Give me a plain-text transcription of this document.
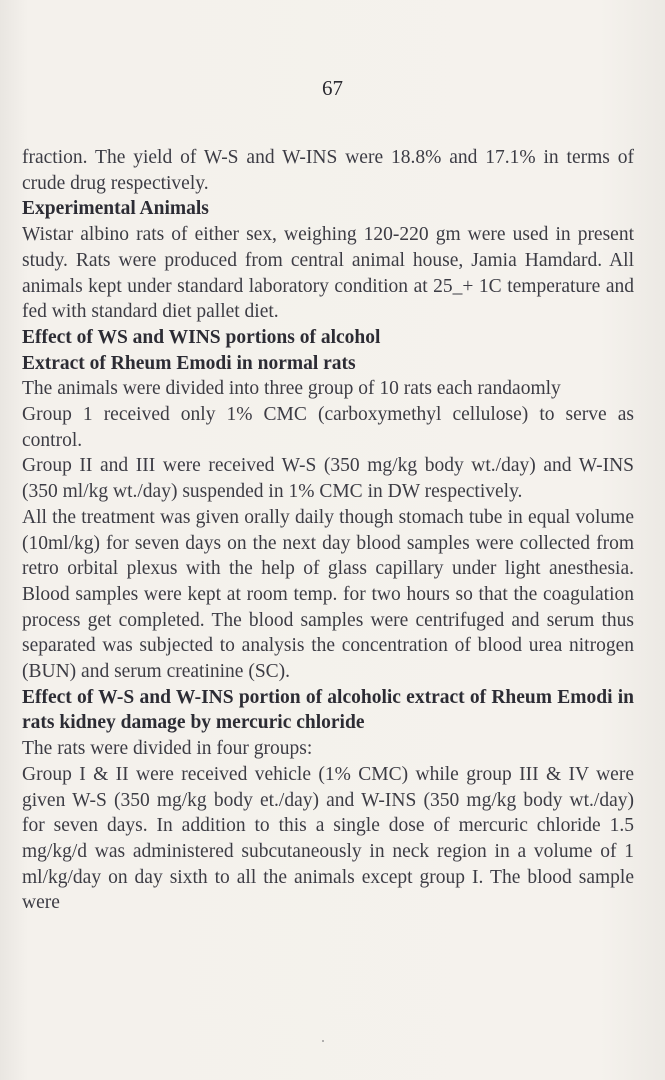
67

fraction. The yield of W-S and W-INS were 18.8% and 17.1% in terms of crude drug respectively.

Experimental Animals

Wistar albino rats of either sex, weighing 120-220 gm were used in present study. Rats were produced from central animal house, Jamia Hamdard. All animals kept under standard laboratory condition at 25_+ 1C temperature and fed with standard diet pallet diet.

Effect of WS and WINS portions of alcohol

Extract of Rheum Emodi in normal rats

The animals were divided into three group of 10 rats each randaomly

Group 1 received only 1% CMC (carboxymethyl cellulose) to serve as control.

Group II and III were received W-S (350 mg/kg body wt./day) and W-INS (350 ml/kg wt./day) suspended in 1% CMC in DW respectively.

All the treatment was given orally daily though stomach tube in equal volume (10ml/kg) for seven days on the next day blood samples were collected from retro orbital plexus with the help of glass capillary under light anesthesia. Blood samples were kept at room temp. for two hours so that the coagulation process get completed. The blood samples were centrifuged and serum thus separated was subjected to analysis the concentration of blood urea nitrogen (BUN) and serum creatinine (SC).

Effect of W-S and W-INS portion of alcoholic extract of Rheum Emodi in rats kidney damage by mercuric chloride

The rats were divided in four groups:

Group I & II were received vehicle (1% CMC) while group III & IV were given W-S (350 mg/kg body et./day) and W-INS (350 mg/kg body wt./day) for seven days. In addition to this a single dose of mercuric chloride 1.5 mg/kg/d was administered subcutaneously in neck region in a volume of 1 ml/kg/day on day sixth to all the animals except group I. The blood sample were
